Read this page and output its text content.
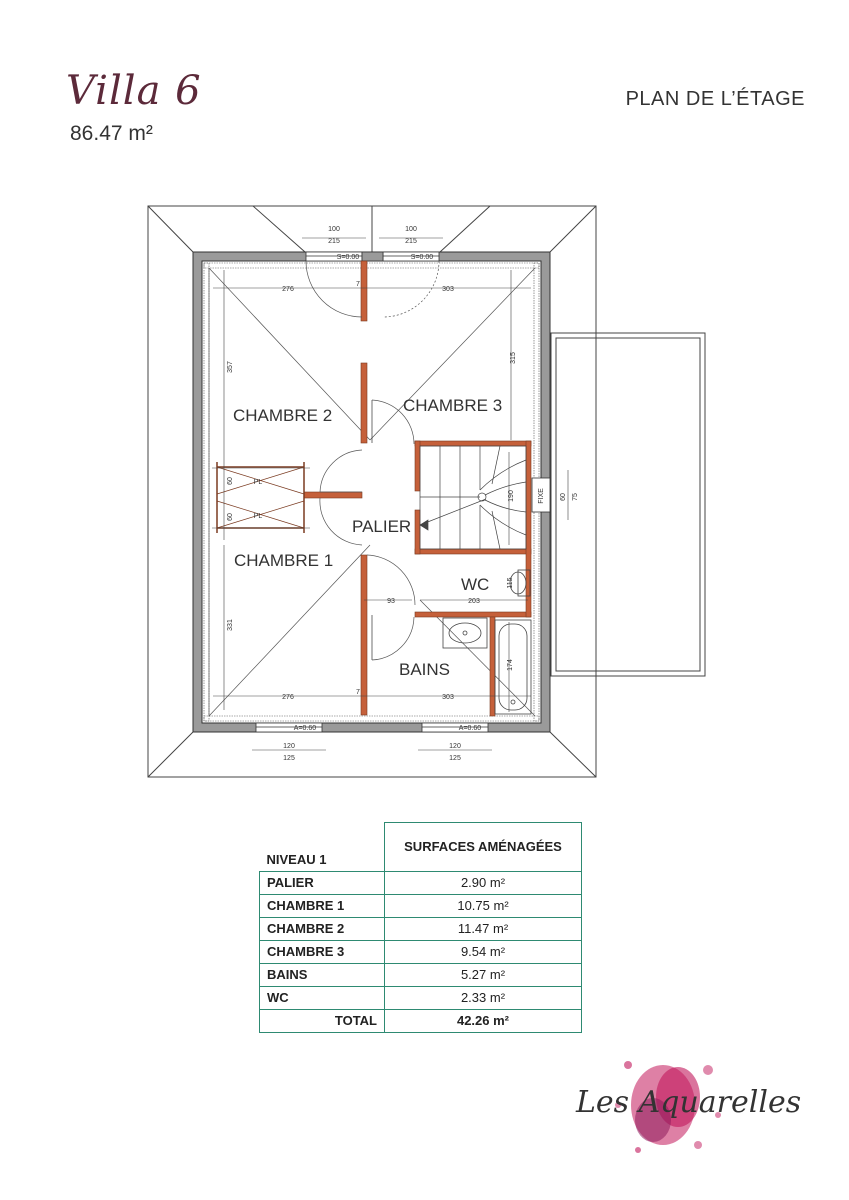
Villa 6
86.47 m²
PLAN DE L’ÉTAGE
100
215
100
215
S=0.00	S=0.00
276
7
303
357
315
60
60
PL
PL
190	FIXE 60 75
115
93	203
331
174
276
7
303
A=0.60	A=0.60
120
125
120
125
CHAMBRE 2
CHAMBRE 3
CHAMBRE 1
PALIER
WC
BAINS
NIVEAU 1	SURFACES AMÉNAGÉES
PALIER	2.90 m²
CHAMBRE 1	10.75 m²
CHAMBRE 2	11.47 m²
CHAMBRE 3	9.54 m²
BAINS	5.27 m²
WC	2.33 m²
TOTAL	42.26 m²
Les Aquarelles
